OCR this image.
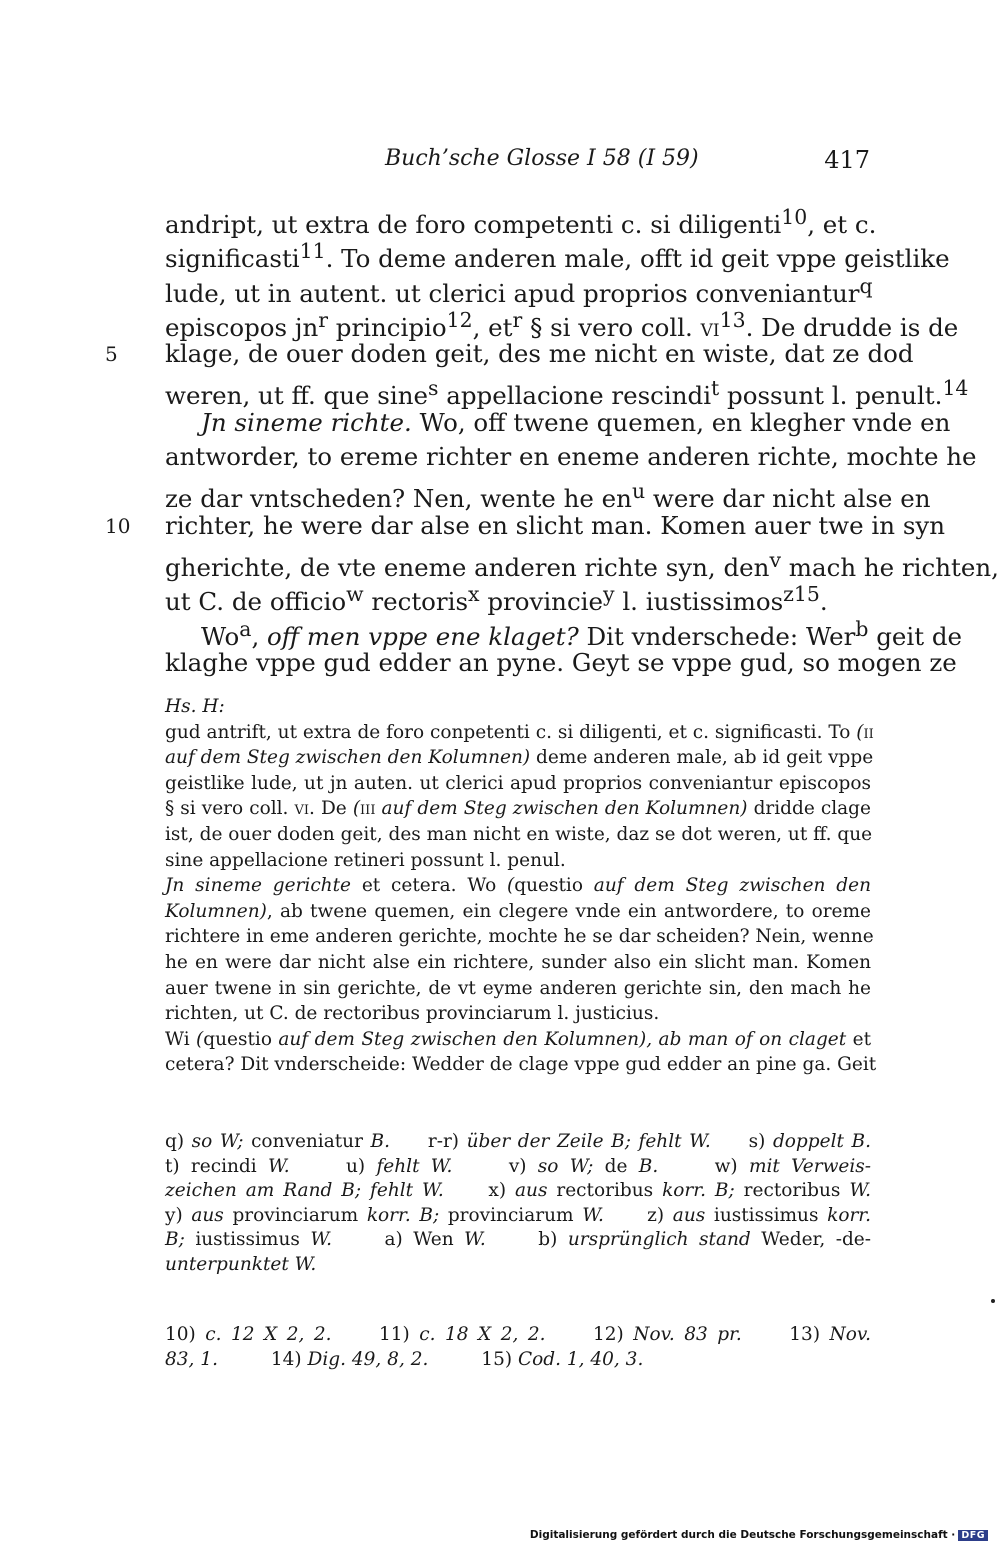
Buch’sche Glosse I 58 (I 59)	417
andript, ut extra de foro competenti c. si diligenti$^{10}$, et c.
significasti$^{11}$. To deme anderen male, offt id geit vppe geistlike
lude, ut in autent. ut clerici apud proprios conveniantur$^q$
episcopos $jn^r$ principio$^{12}$, $et^r$ § si vero coll. $vi^{13}$. De drudde is de
5	klage, de ouer doden geit, des me nicht en wiste, dat ze dod
weren, ut ff. que sine$^s$ appellacione rescindi$^t$ possunt l. penult.$^{14}$
Jn sineme richte. Wo, off twene quemen, en klegher vnde en
antworder, to ereme richter en eneme anderen richte, mochte he
ze dar vntscheden? Nen, wente he $en^u$ were dar nicht alse en
10	richter, he were dar alse en slicht man. Komen auer twe in syn
gherichte, de vte eneme anderen richte syn, den$^v$ mach he richten,
ut C. de officio$^w$ rectoris$^x$ provincie$^y$ l. iustissimos$^{z15}$.
Wo$^a$, off men vppe ene klaget? Dit vnderschede: Wer$^b$ geit de
klaghe vppe gud edder an pyne. Geyt se vppe gud, so mogen ze
Hs. H:
gud antrift, ut extra de foro conpetenti c. si diligenti, et c. significasti. To (ii
auf dem Steg zwischen den Kolumnen) deme anderen male, ab id geit vppe
geistlike lude, ut jn auten. ut clerici apud proprios conveniantur episcopos
§ si vero coll. vi. De (iii auf dem Steg zwischen den Kolumnen) dridde clage
ist, de ouer doden geit, des man nicht en wiste, daz se dot weren, ut ff. que
sine appellacione retineri possunt l. penul.
Jn sineme gerichte et cetera. Wo (questio auf dem Steg zwischen den
Kolumnen), ab twene quemen, ein clegere vnde ein antwordere, to oreme
richtere in eme anderen gerichte, mochte he se dar scheiden? Nein, wenne
he en were dar nicht alse ein richtere, sunder also ein slicht man. Komen
auer twene in sin gerichte, de vt eyme anderen gerichte sin, den mach he
richten, ut C. de rectoribus provinciarum l. justicius.
Wi (questio auf dem Steg zwischen den Kolumnen), ab man of on claget et
cetera? Dit vnderscheide: Wedder de clage vppe gud edder an pine ga. Geit
q) so W; conveniatur B.     r-r) über der Zeile B; fehlt W.     s) doppelt B.
t) recindi W.     u) fehlt W.     v) so W; de B.     w) mit Verweis-
zeichen am Rand B; fehlt W.     x) aus rectoribus korr. B; rectoribus W.
y) aus provinciarum korr. B; provinciarum W.     z) aus iustissimus korr.
B; iustissimus W.     a) Wen W.     b) ursprünglich stand Weder, -de-
unterpunktet W.
10) c. 12 X 2, 2.     11) c. 18 X 2, 2.     12) Nov. 83 pr.     13) Nov.
83, 1.         14) Dig. 49, 8, 2.         15) Cod. 1, 40, 3.
Digitalisierung gefördert durch die Deutsche Forschungsgemeinschaft · DFG
